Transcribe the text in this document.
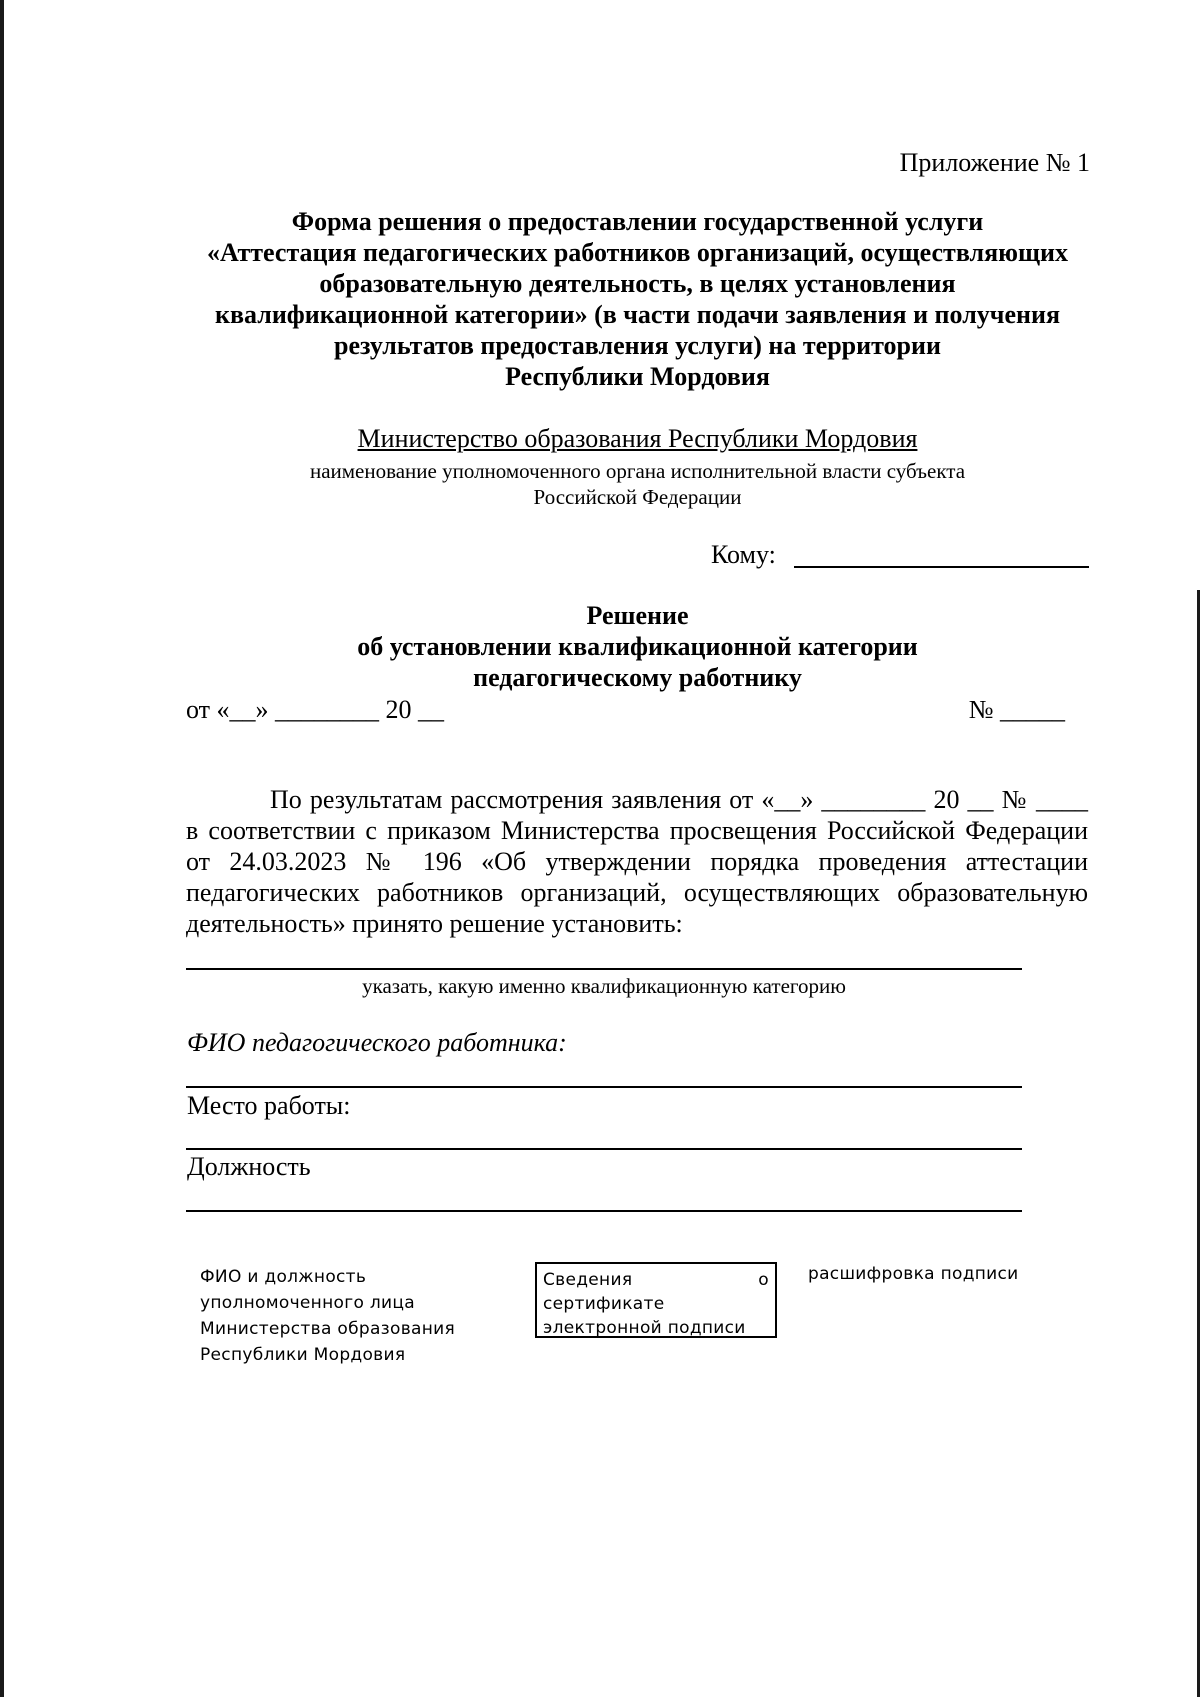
Приложение № 1
Форма решения о предоставлении государственной услуги
«Аттестация педагогических работников организаций, осуществляющих
образовательную деятельность, в целях установления
квалификационной категории» (в части подачи заявления и получения
результатов предоставления услуги) на территории
Республики Мордовия
Министерство образования Республики Мордовия
наименование уполномоченного органа исполнительной власти субъекта
Российской Федерации
Кому:
Решение
об установлении квалификационной категории
педагогическому работнику
от «__» ________ 20 __	№ _____
По результатам рассмотрения заявления от «__» ________ 20 __ № ____ в соответствии с приказом Министерства просвещения Российской Федерации от 24.03.2023 № 196 «Об утверждении порядка проведения аттестации педагогических работников организаций, осуществляющих образовательную деятельность» принято решение установить:
указать, какую именно квалификационную категорию
ФИО педагогического работника:
Место работы:
Должность
ФИО и должность
уполномоченного лица
Министерства образования
Республики Мордовия
Сведения о
сертификате
электронной подписи
расшифровка подписи
